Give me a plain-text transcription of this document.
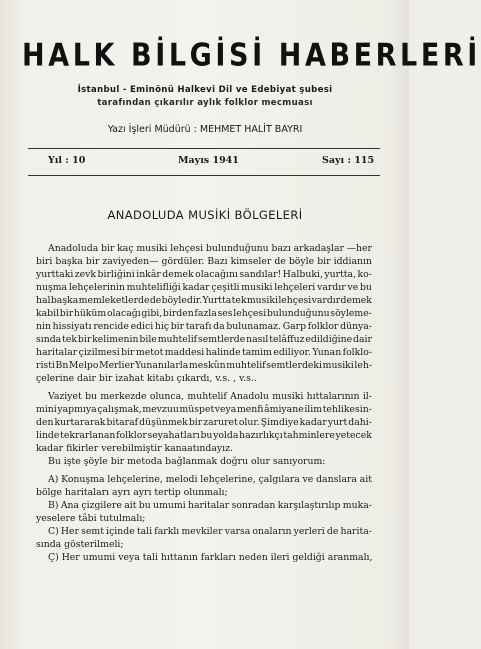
HALK BİLGİSİ HABERLERİ
İstanbul - Eminönü Halkevi Dil ve Edebiyat şubesi
tarafından çıkarılır aylık folklor mecmuası
Yazı İşleri Müdürü : MEHMET HALİT BAYRI
Yıl : 10	Mayıs 1941	Sayı : 115
ANADOLUDA MUSİKİ BÖLGELERİ
Anadoluda bir kaç musiki lehçesi bulunduğunu bazı arkadaşlar —her
biri başka bir zaviyeden— gördüler. Bazı kimseler de böyle bir iddianın
yurttaki zevk birliğini inkâr demek olacağını sandılar! Halbuki, yurtta, ko-
nuşma lehçelerinin muhtelifliği kadar çeşitli musiki lehçeleri vardır ve bu
hal başka memleketlerde de böyledir. Yurtta tek musiki lehçesi vardır demek
kabil bir hüküm olacağı gibi, birden fazla ses lehçesi bulunduğunu söyleme-
nin hissiyatı rencide edici hiç bir tarafı da bulunamaz. Garp folklor dünya-
sında tek bir kelimenin bile muhtelif semtlerde nasıl telâffuz edildiğine dair
haritalar çizilmesi bir metot maddesi halinde tamim ediliyor. Yunan folklo-
risti Bn Melpo Merlier Yunanılarla meskûn muhtelif semtlerdeki musiki leh-
çelerine dair bir izahat kitabı çıkardı, v.s. , v.s..
Vaziyet bu merkezde olunca, muhtelif Anadolu musiki hıttalarının il-
mini yapmıya çalışmak, mevzuu müspet veya menfi âmiyane ilim tehlikesin-
den kurtararak bitaraf düşünmek bir zaruret olur. Şimdiye kadar yurt dahi-
linde tekrarlanan folklor seyahatları bu yolda hazırlıkçı tahminlere yetecek
kadar fikirler verebilmiştir kanaatındayız.
Bu işte şöyle bir metoda bağlanmak doğru olur sanıyorum:
A) Konuşma lehçelerine, melodi lehçelerine, çalgılara ve danslara ait
bölge haritaları ayrı ayrı tertip olunmalı;
B) Ana çizgilere ait bu umumi haritalar sonradan karşılaştırılıp muka-
yeselere tâbi tutulmalı;
C) Her semt içinde tali farklı mevkiler varsa onaların yerleri de harita-
sında gösterilmeli;
Ç) Her umumi veya tali hıttanın farkları neden ileri geldiği aranmalı,
